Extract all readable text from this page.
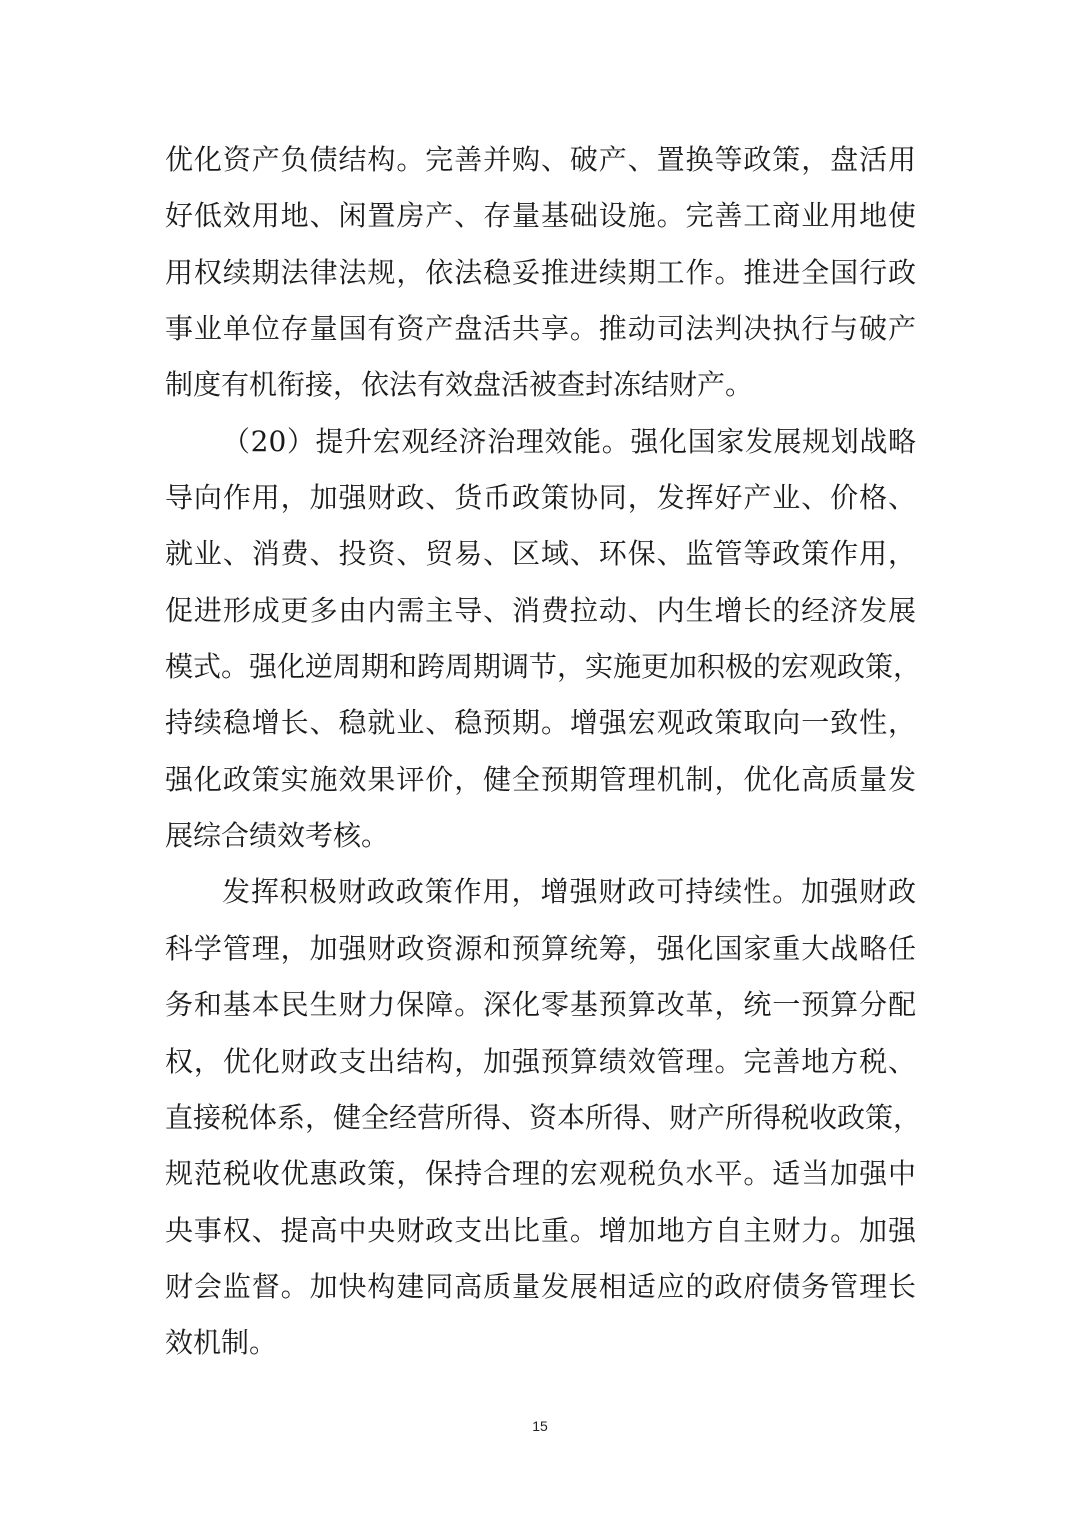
优化资产负债结构。完善并购、破产、置换等政策，盘活用
好低效用地、闲置房产、存量基础设施。完善工商业用地使
用权续期法律法规，依法稳妥推进续期工作。推进全国行政
事业单位存量国有资产盘活共享。推动司法判决执行与破产
制度有机衔接，依法有效盘活被查封冻结财产。
（20）提升宏观经济治理效能。强化国家发展规划战略
导向作用，加强财政、货币政策协同，发挥好产业、价格、
就业、消费、投资、贸易、区域、环保、监管等政策作用，
促进形成更多由内需主导、消费拉动、内生增长的经济发展
模式。强化逆周期和跨周期调节，实施更加积极的宏观政策，
持续稳增长、稳就业、稳预期。增强宏观政策取向一致性，
强化政策实施效果评价，健全预期管理机制，优化高质量发
展综合绩效考核。
发挥积极财政政策作用，增强财政可持续性。加强财政
科学管理，加强财政资源和预算统筹，强化国家重大战略任
务和基本民生财力保障。深化零基预算改革，统一预算分配
权，优化财政支出结构，加强预算绩效管理。完善地方税、
直接税体系，健全经营所得、资本所得、财产所得税收政策，
规范税收优惠政策，保持合理的宏观税负水平。适当加强中
央事权、提高中央财政支出比重。增加地方自主财力。加强
财会监督。加快构建同高质量发展相适应的政府债务管理长
效机制。
15
